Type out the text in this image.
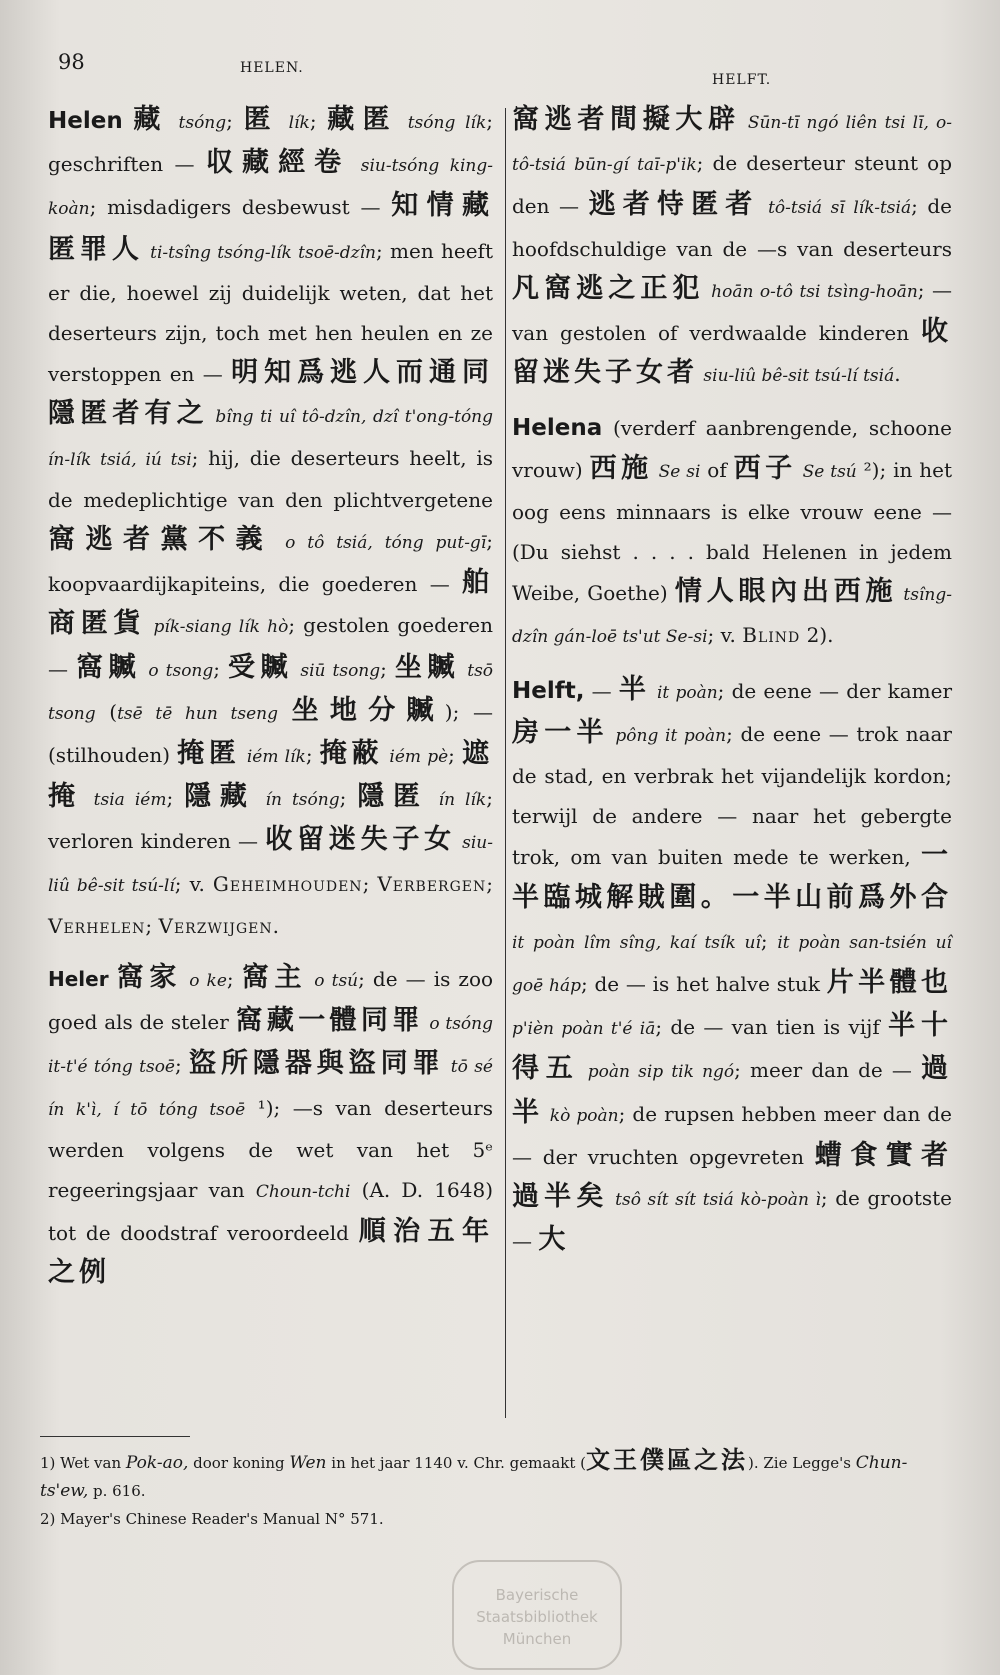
98	HELEN.
HELFT.

Helen 藏 tsóng; 匿 lík; 藏匿 tsóng lík; geschriften — 収藏經卷 siu-tsóng king-koàn; misdadigers desbewust — 知情藏匿罪人 ti-tsîng tsóng-lík tsoē-dzîn; men heeft er die, hoewel zij duidelijk weten, dat het deserteurs zijn, toch met hen heulen en ze verstoppen en — 明知爲逃人而通同隱匿者有之 bîng ti uî tô-dzîn, dzî t'ong-tóng ín-lík tsiá, iú tsi; hij, die deserteurs heelt, is de medeplichtige van den plichtvergetene 窩逃者黨不義 o tô tsiá, tóng put-gī; koopvaardijkapiteins, die goederen — 舶商匿貨 pík-siang lík hò; gestolen goederen — 窩贓 o tsong; 受贓 siū tsong; 坐贓 tsō tsong (tsē tē hun tseng 坐地分贓); — (stilhouden) 掩匿 iém lík; 掩蔽 iém pè; 遮掩 tsia iém; 隱藏 ín tsóng; 隱匿 ín lík; verloren kinderen — 收留迷失子女 siu-liû bê-sit tsú-lí; v. Geheimhouden; Verbergen; Verhelen; Verzwijgen.

Heler 窩家 o ke; 窩主 o tsú; de — is zoo goed als de steler 窩藏一體同罪 o tsóng it-t'é tóng tsoē; 盜所隱器與盜同罪 tō sé ín k'ì, í tō tóng tsoē ¹); —s van deserteurs werden volgens de wet van het 5ᵉ regeeringsjaar van Choun-tchi (A. D. 1648) tot de doodstraf veroordeeld 順治五年之例

窩逃者間擬大辟 Sūn-tī ngó liên tsi lī, o-tô-tsiá būn-gí taī-p'ik; de deserteur steunt op den — 逃者恃匿者 tô-tsiá sī lík-tsiá; de hoofdschuldige van de —s van deserteurs 凡窩逃之正犯 hoān o-tô tsi tsìng-hoān; — van gestolen of verdwaalde kinderen 收留迷失子女者 siu-liû bê-sit tsú-lí tsiá.

Helena (verderf aanbrengende, schoone vrouw) 西施 Se si of 西子 Se tsú ²); in het oog eens minnaars is elke vrouw eene — (Du siehst . . . . bald Helenen in jedem Weibe, Goethe) 情人眼內出西施 tsîng-dzîn gán-loē ts'ut Se-si; v. Blind 2).

Helft, — 半 it poàn; de eene — der kamer 房一半 pông it poàn; de eene — trok naar de stad, en verbrak het vijandelijk kordon; terwijl de andere — naar het gebergte trok, om van buiten mede te werken, 一半臨城解賊圍。一半山前爲外合 it poàn lîm sîng, kaí tsík uî; it poàn san-tsién uî goē háp; de — is het halve stuk 片半體也 p'ièn poàn t'é iā; de — van tien is vijf 半十得五 poàn sip tik ngó; meer dan de — 過半 kò poàn; de rupsen hebben meer dan de — der vruchten opgevreten 螬食實者過半矣 tsô sít sít tsiá kò-poàn ì; de grootste — 大

1) Wet van Pok-ao, door koning Wen in het jaar 1140 v. Chr. gemaakt (文王僕區之法). Zie Legge's Chun-ts'ew, p. 616.

2) Mayer's Chinese Reader's Manual N° 571.

Bayerische
Staatsbibliothek
München
